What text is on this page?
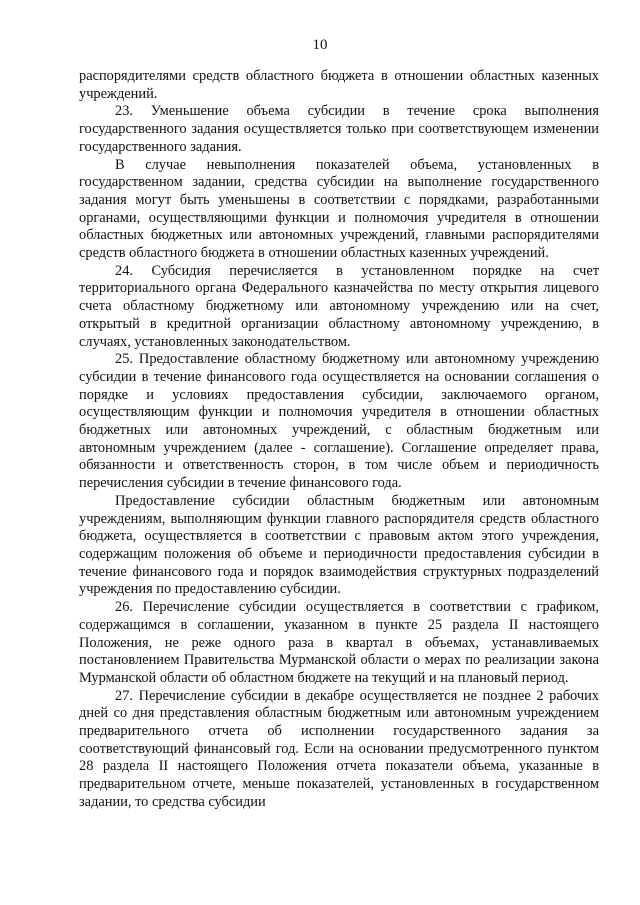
10

распорядителями средств областного бюджета в отношении областных казенных учреждений.

23. Уменьшение объема субсидии в течение срока выполнения государственного задания осуществляется только при соответствующем изменении государственного задания.

В случае невыполнения показателей объема, установленных в государственном задании, средства субсидии на выполнение государственного задания могут быть уменьшены в соответствии с порядками, разработанными органами, осуществляющими функции и полномочия учредителя в отношении областных бюджетных или автономных учреждений, главными распорядителями средств областного бюджета в отношении областных казенных учреждений.

24. Субсидия перечисляется в установленном порядке на счет территориального органа Федерального казначейства по месту открытия лицевого счета областному бюджетному или автономному учреждению или на счет, открытый в кредитной организации областному автономному учреждению, в случаях, установленных законодательством.

25. Предоставление областному бюджетному или автономному учреждению субсидии в течение финансового года осуществляется на основании соглашения о порядке и условиях предоставления субсидии, заключаемого органом, осуществляющим функции и полномочия учредителя в отношении областных бюджетных или автономных учреждений, с областным бюджетным или автономным учреждением (далее - соглашение). Соглашение определяет права, обязанности и ответственность сторон, в том числе объем и периодичность перечисления субсидии в течение финансового года.

Предоставление субсидии областным бюджетным или автономным учреждениям, выполняющим функции главного распорядителя средств областного бюджета, осуществляется в соответствии с правовым актом этого учреждения, содержащим положения об объеме и периодичности предоставления субсидии в течение финансового года и порядок взаимодействия структурных подразделений учреждения по предоставлению субсидии.

26. Перечисление субсидии осуществляется в соответствии с графиком, содержащимся в соглашении, указанном в пункте 25 раздела II настоящего Положения, не реже одного раза в квартал в объемах, устанавливаемых постановлением Правительства Мурманской области о мерах по реализации закона Мурманской области об областном бюджете на текущий и на плановый период.

27. Перечисление субсидии в декабре осуществляется не позднее 2 рабочих дней со дня представления областным бюджетным или автономным учреждением предварительного отчета об исполнении государственного задания за соответствующий финансовый год. Если на основании предусмотренного пунктом 28 раздела II настоящего Положения отчета показатели объема, указанные в предварительном отчете, меньше показателей, установленных в государственном задании, то средства субсидии
